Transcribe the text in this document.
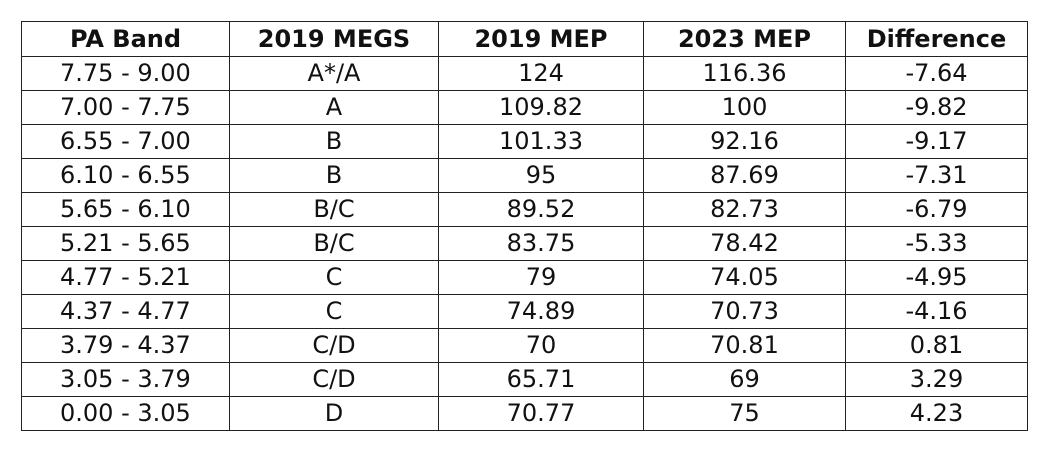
PA Band	2019 MEGS	2019 MEP	2023 MEP	Difference
7.75 - 9.00	A*/A	124	116.36	-7.64
7.00 - 7.75	A	109.82	100	-9.82
6.55 - 7.00	B	101.33	92.16	-9.17
6.10 - 6.55	B	95	87.69	-7.31
5.65 - 6.10	B/C	89.52	82.73	-6.79
5.21 - 5.65	B/C	83.75	78.42	-5.33
4.77 - 5.21	C	79	74.05	-4.95
4.37 - 4.77	C	74.89	70.73	-4.16
3.79 - 4.37	C/D	70	70.81	0.81
3.05 - 3.79	C/D	65.71	69	3.29
0.00 - 3.05	D	70.77	75	4.23
